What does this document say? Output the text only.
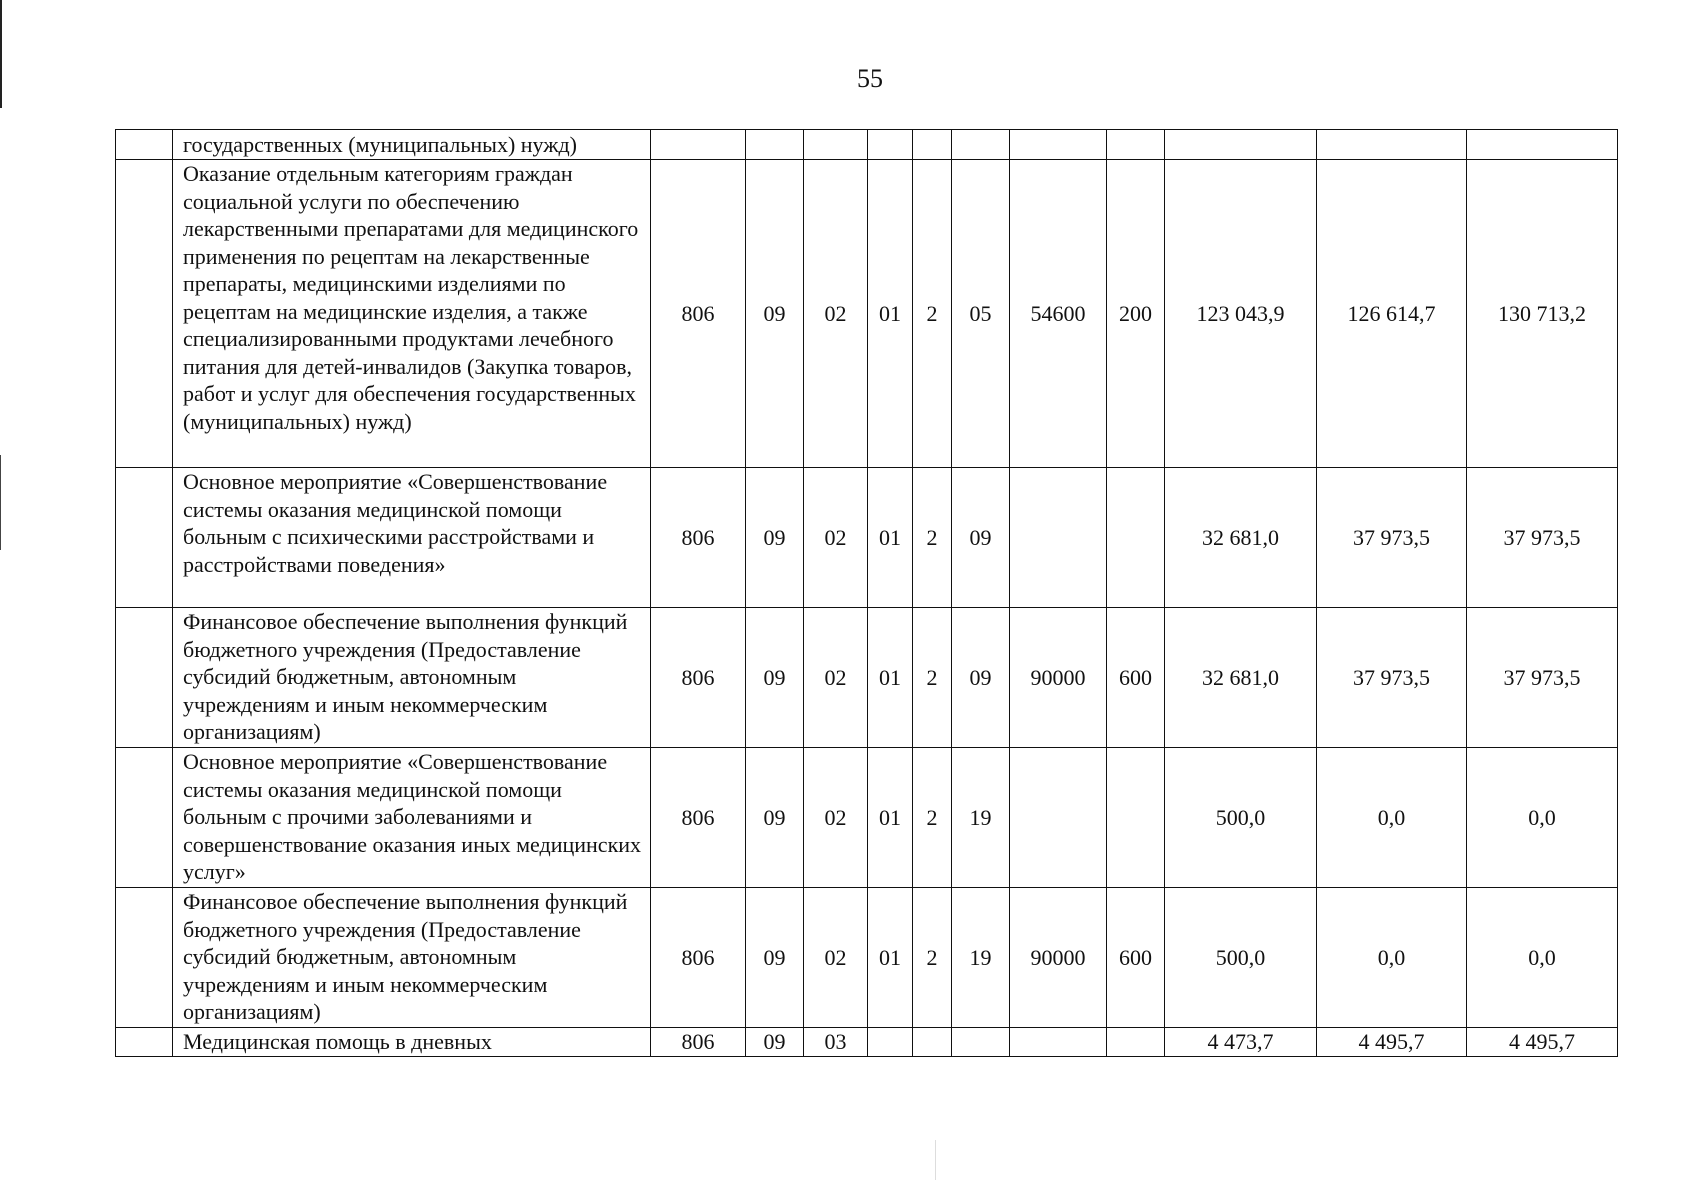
55
	государственных (муниципальных) нужд)											
	Оказание отдельным категориям граждан социальной услуги по обеспечению лекарственными препаратами для медицинского применения по рецептам на лекарственные препараты, медицинскими изделиями по рецептам на медицинские изделия, а также специализированными продуктами лечебного питания для детей-инвалидов (Закупка товаров, работ и услуг для обеспечения государственных (муниципальных) нужд)	806	09	02	01	2	05	54600	200	123 043,9	126 614,7	130 713,2
	Основное мероприятие «Совершенствование системы оказания медицинской помощи больным с психическими расстройствами и расстройствами поведения»	806	09	02	01	2	09			32 681,0	37 973,5	37 973,5
	Финансовое обеспечение выполнения функций бюджетного учреждения (Предоставление субсидий бюджетным, автономным учреждениям и иным некоммерческим организациям)	806	09	02	01	2	09	90000	600	32 681,0	37 973,5	37 973,5
	Основное мероприятие «Совершенствование системы оказания медицинской помощи больным с прочими заболеваниями и совершенствование оказания иных медицинских услуг»	806	09	02	01	2	19			500,0	0,0	0,0
	Финансовое обеспечение выполнения функций бюджетного учреждения (Предоставление субсидий бюджетным, автономным учреждениям и иным некоммерческим организациям)	806	09	02	01	2	19	90000	600	500,0	0,0	0,0
	Медицинская помощь в дневных	806	09	03						4 473,7	4 495,7	4 495,7
